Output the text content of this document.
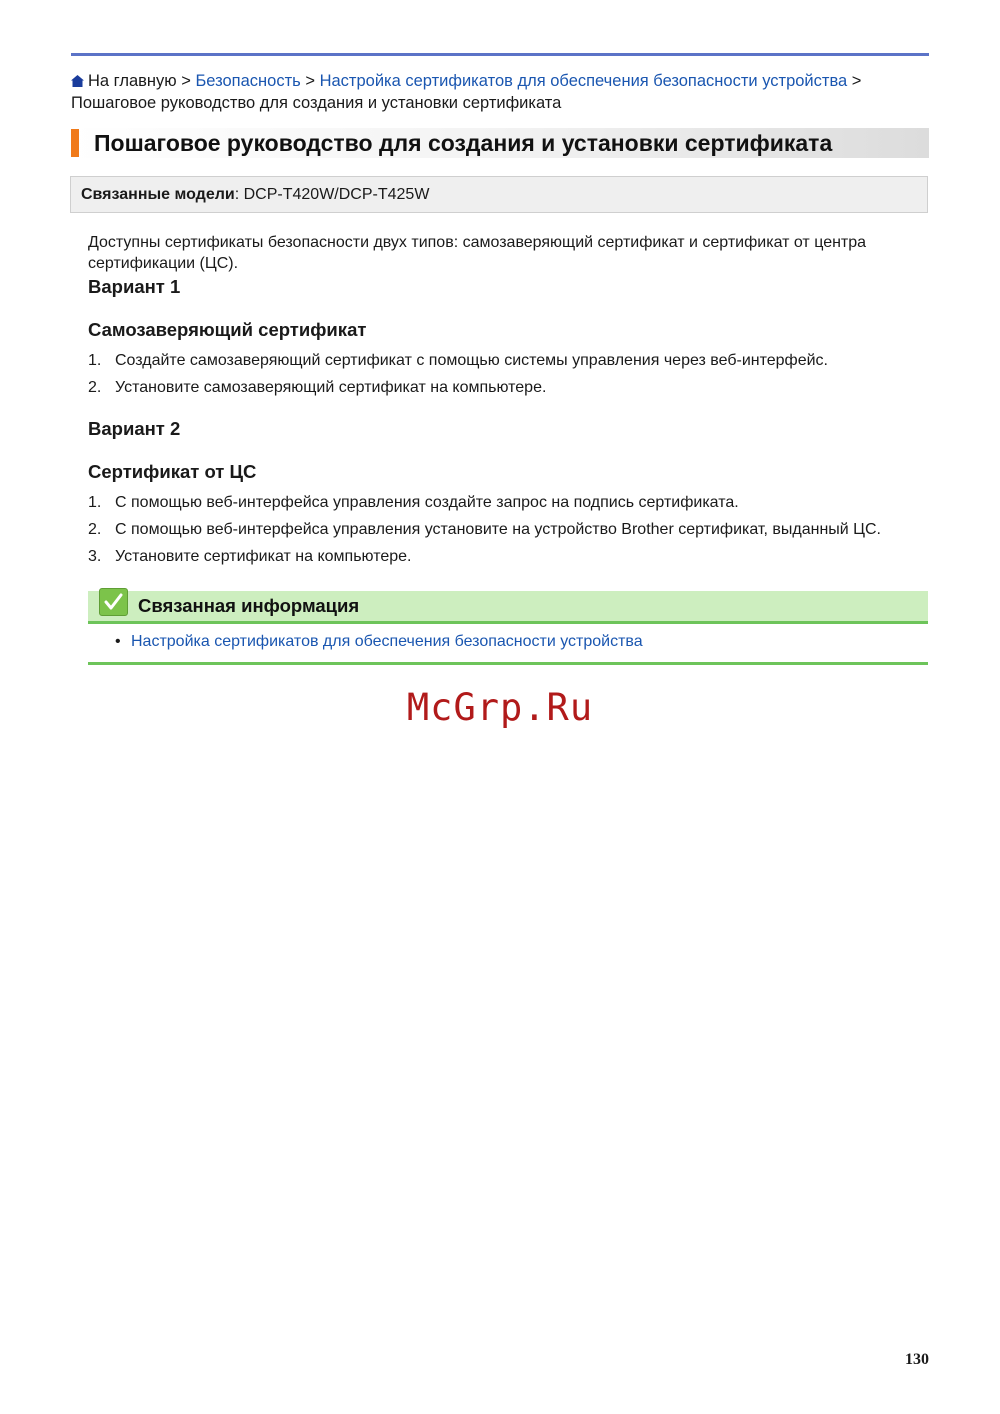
На главную > Безопасность > Настройка сертификатов для обеспечения безопасности устройства > Пошаговое руководство для создания и установки сертификата
Пошаговое руководство для создания и установки сертификата
Связанные модели: DCP-T420W/DCP-T425W

Доступны сертификаты безопасности двух типов: самозаверяющий сертификат и сертификат от центра сертификации (ЦС).

Вариант 1
Самозаверяющий сертификат
1. Создайте самозаверяющий сертификат с помощью системы управления через веб-интерфейс.
2. Установите самозаверяющий сертификат на компьютере.
Вариант 2
Сертификат от ЦС
1. С помощью веб-интерфейса управления создайте запрос на подпись сертификата.
2. С помощью веб-интерфейса управления установите на устройство Brother сертификат, выданный ЦС.
3. Установите сертификат на компьютере.
Связанная информация
• Настройка сертификатов для обеспечения безопасности устройства
McGrp.Ru
130
